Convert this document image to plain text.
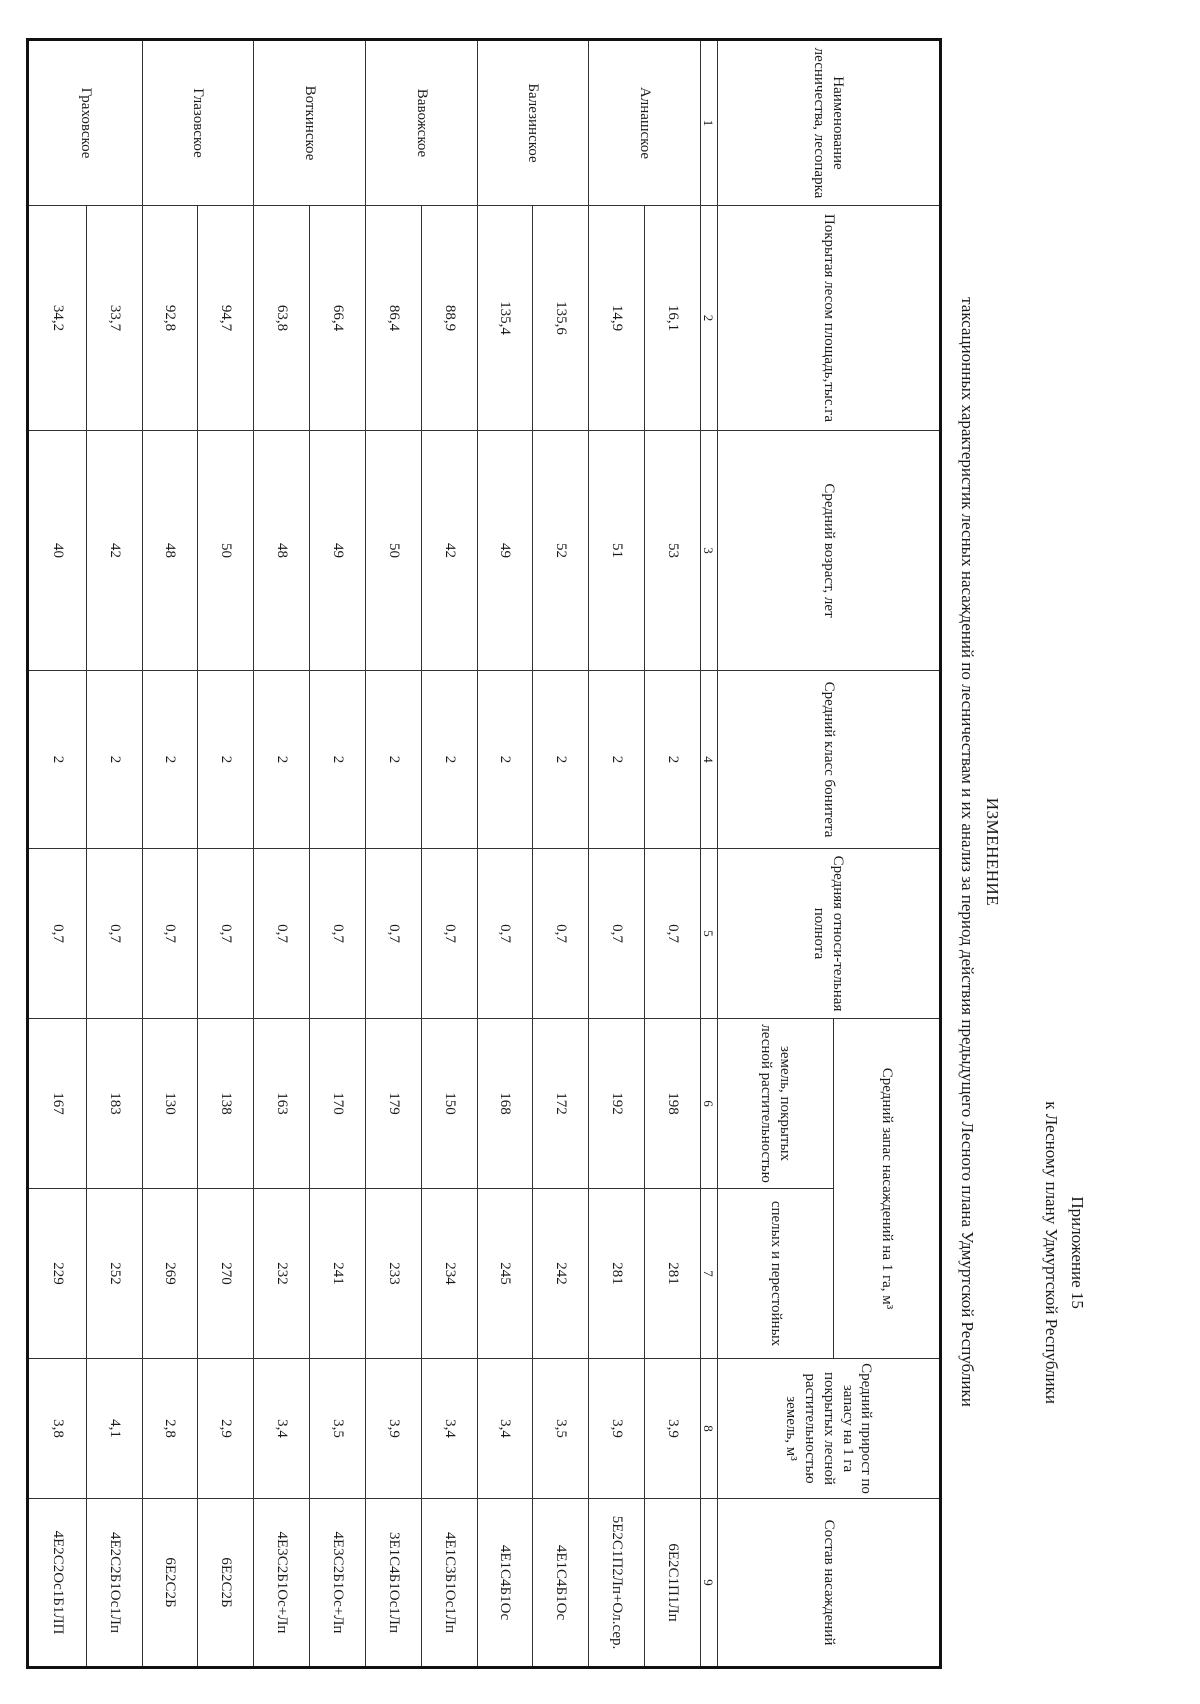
Приложение 15
к Лесному плану Удмуртской Республики
ИЗМЕНЕНИЕ
таксационных характеристик лесных насаждений по лесничествам и их анализ за период действия предыдущего Лесного плана Удмуртской Республики
Наименование лесничества, лесопарка	Покрытая лесом площадь,тыс.га	Средний возраст, лет	Средний класс бонитета	Средняя относи-тельная полнота	Средний запас насаждений на 1 га, м³		Средний прирост по запасу на 1 га покрытых лесной растительностью земель, м³	Состав насаждений
					земель, покрытых лесной растительностью	спелых и перестойных		
1	2	3	4	5	6	7	8	9
Алнашское	16,1	53	2	0,7	198	281	3,9	6Е2С1П1Лп
	14,9	51	2	0,7	192	281	3,9	5Е2С1П2Лп+Ол.сер.
Балезинское	135,6	52	2	0,7	172	242	3,5	4Е1С4Б1Ос
	135,4	49	2	0,7	168	245	3,4	4Е1С4Б1Ос
Вавожское	88,9	42	2	0,7	150	234	3,4	4Е1С3Б1Ос1Лп
	86,4	50	2	0,7	179	233	3,9	3Е1С4Б1Ос1Лп
Воткинское	66,4	49	2	0,7	170	241	3,5	4Е3С2Б1Ос+Лп
	63,8	48	2	0,7	163	232	3,4	4Е3С2Б1Ос+Лп
Глазовское	94,7	50	2	0,7	138	270	2,9	6Е2С2Б
	92,8	48	2	0,7	130	269	2,8	6Е2С2Б
Граховское	33,7	42	2	0,7	183	252	4,1	4Е2С2Б1Ос1Лп
	34,2	40	2	0,7	167	229	3,8	4Е2С2Ос1Б1ЛП
